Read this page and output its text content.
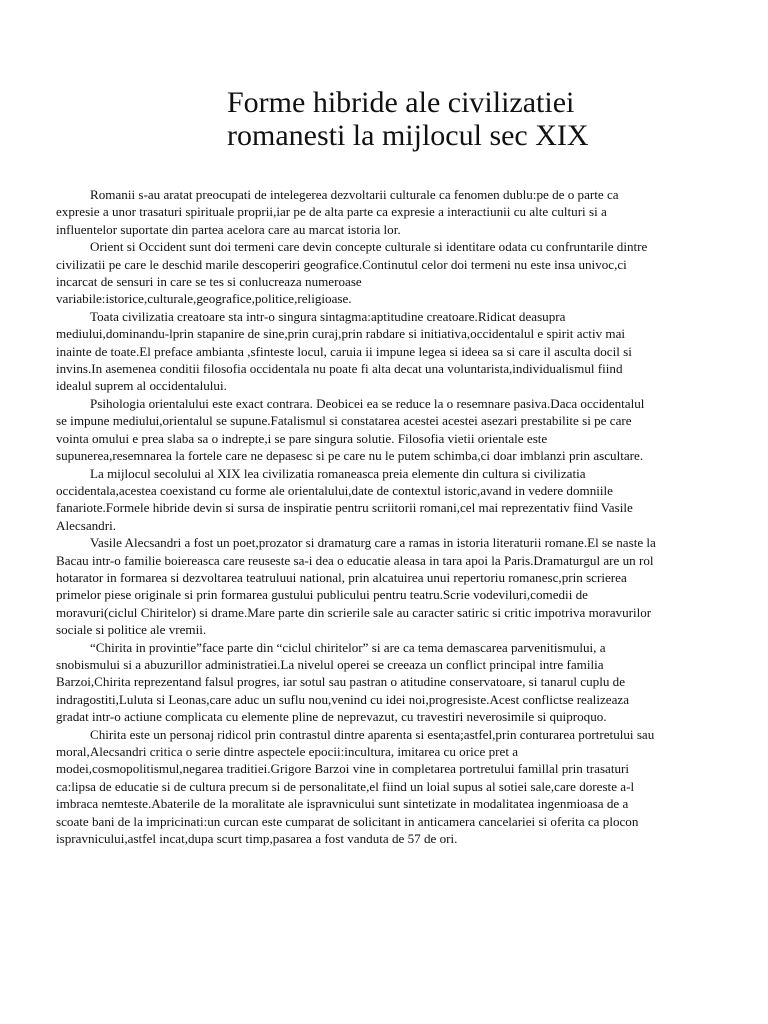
Forme hibride ale civilizatiei
romanesti la mijlocul sec XIX

Romanii s-au aratat preocupati de intelegerea dezvoltarii culturale ca fenomen dublu:pe de o parte ca expresie a unor trasaturi spirituale proprii,iar pe de alta parte ca expresie a interactiunii cu alte culturi si a influentelor suportate din partea acelora care au marcat istoria lor.

Orient si Occident sunt doi termeni care devin concepte culturale si identitare odata cu confruntarile dintre civilizatii pe care le deschid marile descoperiri geografice.Continutul celor doi termeni nu este insa univoc,ci incarcat de sensuri in care se tes si conlucreaza numeroase variabile:istorice,culturale,geografice,politice,religioase.

Toata civilizatia creatoare sta intr-o singura sintagma:aptitudine creatoare.Ridicat deasupra mediului,dominandu-lprin stapanire de sine,prin curaj,prin rabdare si initiativa,occidentalul e spirit activ mai inainte de toate.El preface ambianta ,sfinteste locul, caruia ii impune legea si ideea sa si care il asculta docil si invins.In asemenea conditii filosofia occidentala nu poate fi alta decat una voluntarista,individualismul fiind idealul suprem al occidentalului.

Psihologia orientalului este exact contrara. Deobicei ea se reduce la o resemnare pasiva.Daca occidentalul se impune mediului,orientalul se supune.Fatalismul si constatarea acestei acestei asezari prestabilite si pe care vointa omului e prea slaba sa o indrepte,i se pare singura solutie. Filosofia vietii orientale este supunerea,resemnarea la fortele care ne depasesc si pe care nu le putem schimba,ci doar imblanzi prin ascultare.

La mijlocul secolului al XIX lea civilizatia romaneasca preia elemente din cultura si civilizatia occidentala,acestea coexistand cu forme ale orientalului,date de contextul istoric,avand in vedere domniile fanariote.Formele hibride devin si sursa de inspiratie pentru scriitorii romani,cel mai reprezentativ fiind Vasile Alecsandri.

Vasile Alecsandri a fost un poet,prozator si dramaturg care a ramas in istoria literaturii romane.El se naste la Bacau intr-o familie boiereasca care reuseste sa-i dea o educatie aleasa in tara apoi la Paris.Dramaturgul are un rol hotarator in formarea si dezvoltarea teatruluui national, prin alcatuirea unui repertoriu romanesc,prin scrierea primelor piese originale si prin formarea gustului publicului pentru teatru.Scrie vodeviluri,comedii de moravuri(ciclul Chiritelor) si drame.Mare parte din scrierile sale au caracter satiric si critic impotriva moravurilor sociale si politice ale vremii.

“Chirita in provintie”face parte din “ciclul chiritelor” si are ca tema demascarea parvenitismului, a snobismului si a abuzurillor administratiei.La nivelul operei se creeaza un conflict principal intre familia Barzoi,Chirita reprezentand falsul progres, iar sotul sau pastran o atitudine conservatoare, si tanarul cuplu de indragostiti,Luluta si Leonas,care aduc un suflu nou,venind cu idei noi,progresiste.Acest conflictse realizeaza gradat intr-o actiune complicata cu elemente pline de neprevazut, cu travestiri neverosimile si quiproquo.

Chirita este un personaj ridicol prin contrastul dintre aparenta si esenta;astfel,prin conturarea portretului sau moral,Alecsandri critica o serie dintre aspectele epocii:incultura, imitarea cu orice pret a modei,cosmopolitismul,negarea traditiei.Grigore Barzoi vine in completarea portretului famillal prin trasaturi ca:lipsa de educatie si de cultura precum si de personalitate,el fiind un loial supus al sotiei sale,care doreste a-l imbraca nemteste.Abaterile de la moralitate ale ispravnicului sunt sintetizate in modalitatea ingenmioasa de a scoate bani de la impricinati:un curcan este cumparat de solicitant in anticamera cancelariei si oferita ca plocon ispravnicului,astfel incat,dupa scurt timp,pasarea a fost vanduta de 57 de ori.
